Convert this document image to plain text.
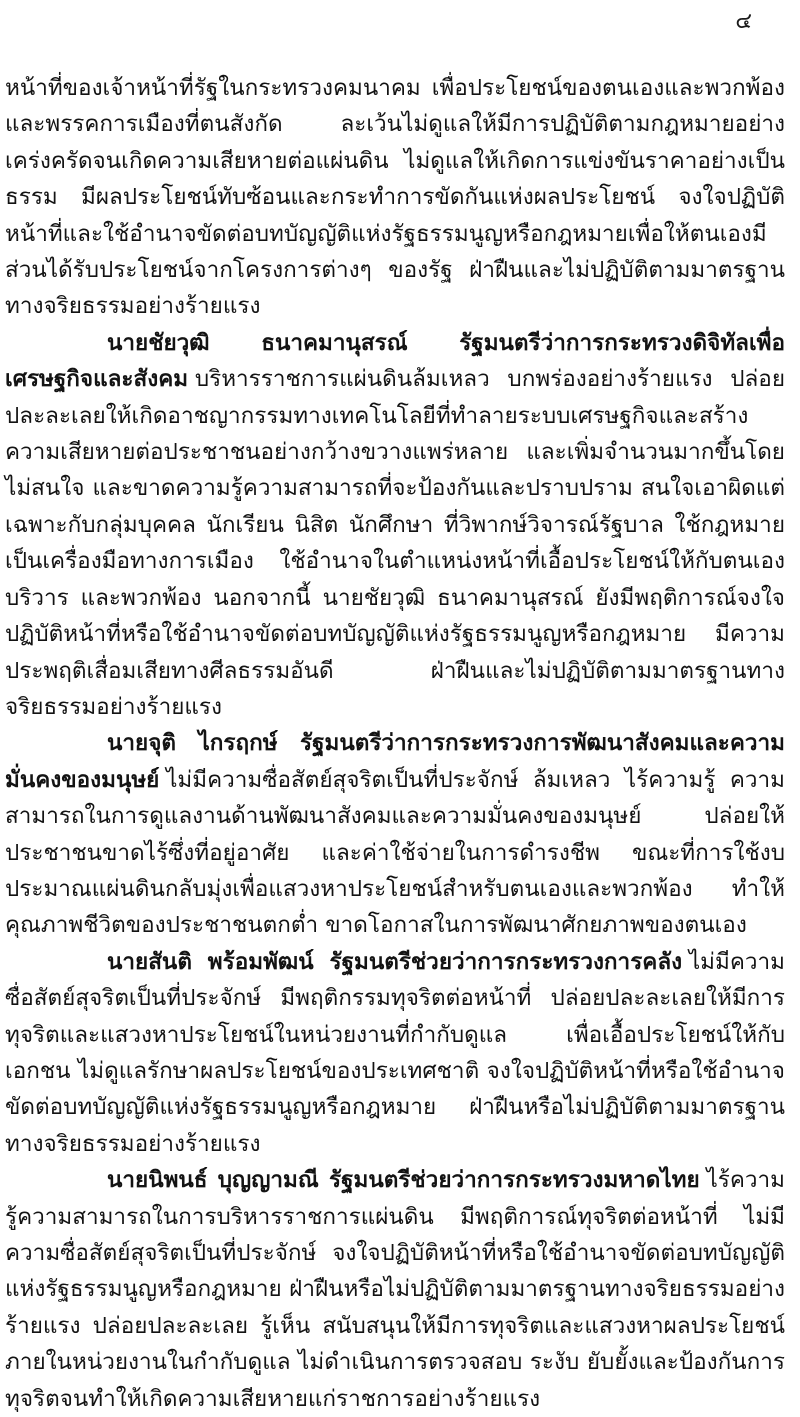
๔

หน้าที่ของเจ้าหน้าที่รัฐในกระทรวงคมนาคม เพื่อประโยชน์ของตนเองและพวกพ้อง และพรรคการเมืองที่ตนสังกัด ละเว้นไม่ดูแลให้มีการปฏิบัติตามกฎหมายอย่างเคร่งครัดจนเกิดความเสียหายต่อแผ่นดิน ไม่ดูแลให้เกิดการแข่งขันราคาอย่างเป็นธรรม มีผลประโยชน์ทับซ้อนและกระทำการขัดกันแห่งผลประโยชน์ จงใจปฏิบัติหน้าที่และใช้อำนาจขัดต่อบทบัญญัติแห่งรัฐธรรมนูญหรือกฎหมายเพื่อให้ตนเองมีส่วนได้รับประโยชน์จากโครงการต่างๆ ของรัฐ ฝ่าฝืนและไม่ปฏิบัติตามมาตรฐานทางจริยธรรมอย่างร้ายแรง

นายชัยวุฒิ ธนาคมานุสรณ์ รัฐมนตรีว่าการกระทรวงดิจิทัลเพื่อเศรษฐกิจและสังคม บริหารราชการแผ่นดินล้มเหลว บกพร่องอย่างร้ายแรง ปล่อยปละละเลยให้เกิดอาชญากรรมทางเทคโนโลยีที่ทำลายระบบเศรษฐกิจและสร้างความเสียหายต่อประชาชนอย่างกว้างขวางแพร่หลาย และเพิ่มจำนวนมากขึ้นโดยไม่สนใจ และขาดความรู้ความสามารถที่จะป้องกันและปราบปราม สนใจเอาผิดแต่เฉพาะกับกลุ่มบุคคล นักเรียน นิสิต นักศึกษา ที่วิพากษ์วิจารณ์รัฐบาล ใช้กฎหมายเป็นเครื่องมือทางการเมือง ใช้อำนาจในตำแหน่งหน้าที่เอื้อประโยชน์ให้กับตนเอง บริวาร และพวกพ้อง นอกจากนี้ นายชัยวุฒิ ธนาคมานุสรณ์ ยังมีพฤติการณ์จงใจปฏิบัติหน้าที่หรือใช้อำนาจขัดต่อบทบัญญัติแห่งรัฐธรรมนูญหรือกฎหมาย มีความประพฤติเสื่อมเสียทางศีลธรรมอันดี ฝ่าฝืนและไม่ปฏิบัติตามมาตรฐานทางจริยธรรมอย่างร้ายแรง

นายจุติ ไกรฤกษ์ รัฐมนตรีว่าการกระทรวงการพัฒนาสังคมและความมั่นคงของมนุษย์ ไม่มีความซื่อสัตย์สุจริตเป็นที่ประจักษ์ ล้มเหลว ไร้ความรู้ ความสามารถในการดูแลงานด้านพัฒนาสังคมและความมั่นคงของมนุษย์ ปล่อยให้ประชาชนขาดไร้ซึ่งที่อยู่อาศัย และค่าใช้จ่ายในการดำรงชีพ ขณะที่การใช้งบประมาณแผ่นดินกลับมุ่งเพื่อแสวงหาประโยชน์สำหรับตนเองและพวกพ้อง ทำให้คุณภาพชีวิตของประชาชนตกต่ำ ขาดโอกาสในการพัฒนาศักยภาพของตนเอง

นายสันติ พร้อมพัฒน์ รัฐมนตรีช่วยว่าการกระทรวงการคลัง ไม่มีความซื่อสัตย์สุจริตเป็นที่ประจักษ์ มีพฤติกรรมทุจริตต่อหน้าที่ ปล่อยปละละเลยให้มีการทุจริตและแสวงหาประโยชน์ในหน่วยงานที่กำกับดูแล เพื่อเอื้อประโยชน์ให้กับเอกชน ไม่ดูแลรักษาผลประโยชน์ของประเทศชาติ จงใจปฏิบัติหน้าที่หรือใช้อำนาจขัดต่อบทบัญญัติแห่งรัฐธรรมนูญหรือกฎหมาย ฝ่าฝืนหรือไม่ปฏิบัติตามมาตรฐานทางจริยธรรมอย่างร้ายแรง

นายนิพนธ์ บุญญามณี รัฐมนตรีช่วยว่าการกระทรวงมหาดไทย ไร้ความรู้ความสามารถในการบริหารราชการแผ่นดิน มีพฤติการณ์ทุจริตต่อหน้าที่ ไม่มีความซื่อสัตย์สุจริตเป็นที่ประจักษ์ จงใจปฏิบัติหน้าที่หรือใช้อำนาจขัดต่อบทบัญญัติแห่งรัฐธรรมนูญหรือกฎหมาย ฝ่าฝืนหรือไม่ปฏิบัติตามมาตรฐานทางจริยธรรมอย่างร้ายแรง ปล่อยปละละเลย รู้เห็น สนับสนุนให้มีการทุจริตและแสวงหาผลประโยชน์ภายในหน่วยงานในกำกับดูแล ไม่ดำเนินการตรวจสอบ ระงับ ยับยั้งและป้องกันการทุจริตจนทำให้เกิดความเสียหายแก่ราชการอย่างร้ายแรง
